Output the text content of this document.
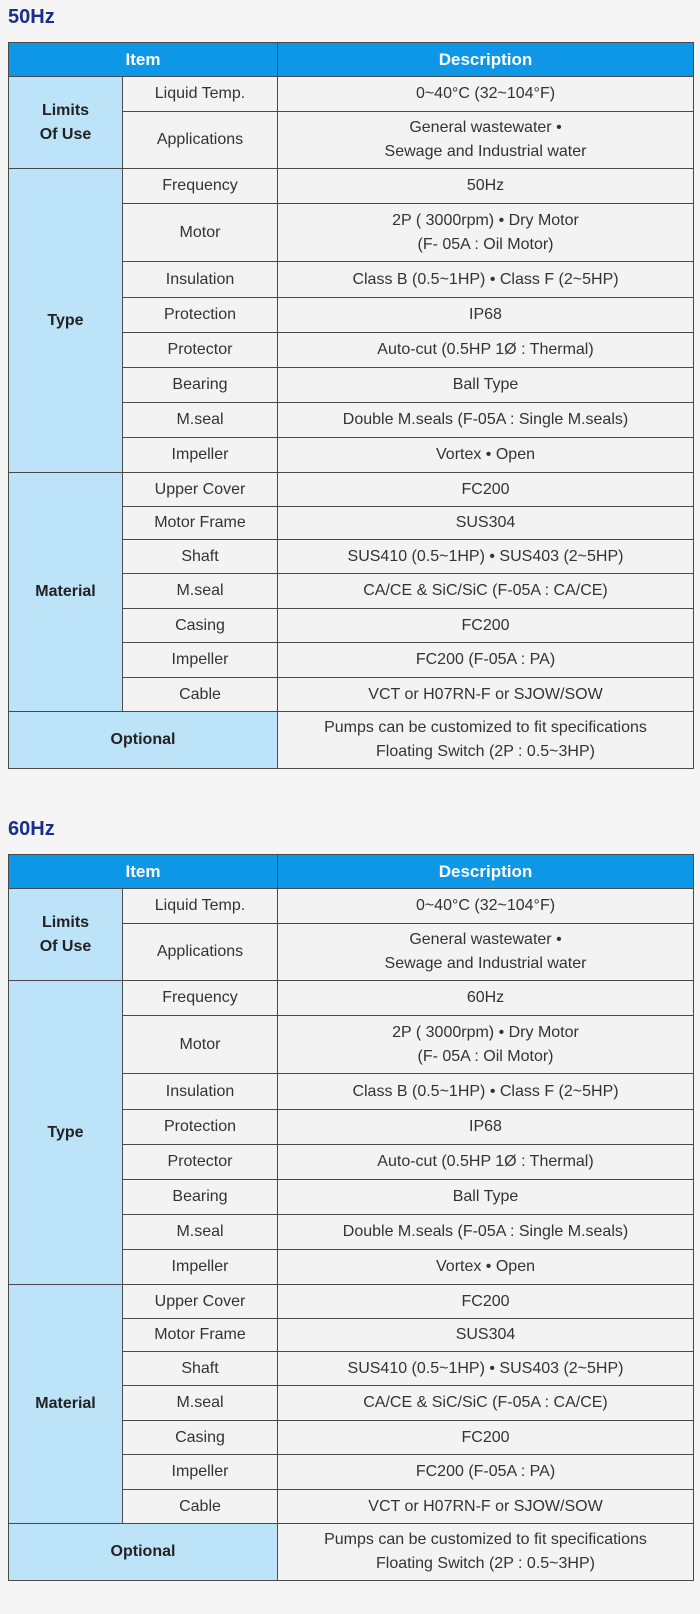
50Hz
Item		Description

Limits
Of Use	Liquid Temp.	0~40°C (32~104°F)

	Applications	General wastewater •
Sewage and Industrial water

Type	Frequency	50Hz

	Motor	2P ( 3000rpm) • Dry Motor
(F- 05A : Oil Motor)

	Insulation	Class B (0.5~1HP) • Class F (2~5HP)

	Protection	IP68

	Protector	Auto-cut (0.5HP 1Ø : Thermal)

	Bearing	Ball Type

	M.seal	Double M.seals (F-05A : Single M.seals)

	Impeller	Vortex • Open

Material	Upper Cover	FC200

	Motor Frame	SUS304

	Shaft	SUS410 (0.5~1HP) • SUS403 (2~5HP)

	M.seal	CA/CE & SiC/SiC (F-05A : CA/CE)

	Casing	FC200

	Impeller	FC200 (F-05A : PA)

	Cable	VCT or H07RN-F or SJOW/SOW

Optional		Pumps can be customized to fit specifications
Floating Switch (2P : 0.5~3HP)
60Hz
Item		Description

Limits
Of Use	Liquid Temp.	0~40°C (32~104°F)

	Applications	General wastewater •
Sewage and Industrial water

Type	Frequency	60Hz

	Motor	2P ( 3000rpm) • Dry Motor
(F- 05A : Oil Motor)

	Insulation	Class B (0.5~1HP) • Class F (2~5HP)

	Protection	IP68

	Protector	Auto-cut (0.5HP 1Ø : Thermal)

	Bearing	Ball Type

	M.seal	Double M.seals (F-05A : Single M.seals)

	Impeller	Vortex • Open

Material	Upper Cover	FC200

	Motor Frame	SUS304

	Shaft	SUS410 (0.5~1HP) • SUS403 (2~5HP)

	M.seal	CA/CE & SiC/SiC (F-05A : CA/CE)

	Casing	FC200

	Impeller	FC200 (F-05A : PA)

	Cable	VCT or H07RN-F or SJOW/SOW

Optional		Pumps can be customized to fit specifications
Floating Switch (2P : 0.5~3HP)
